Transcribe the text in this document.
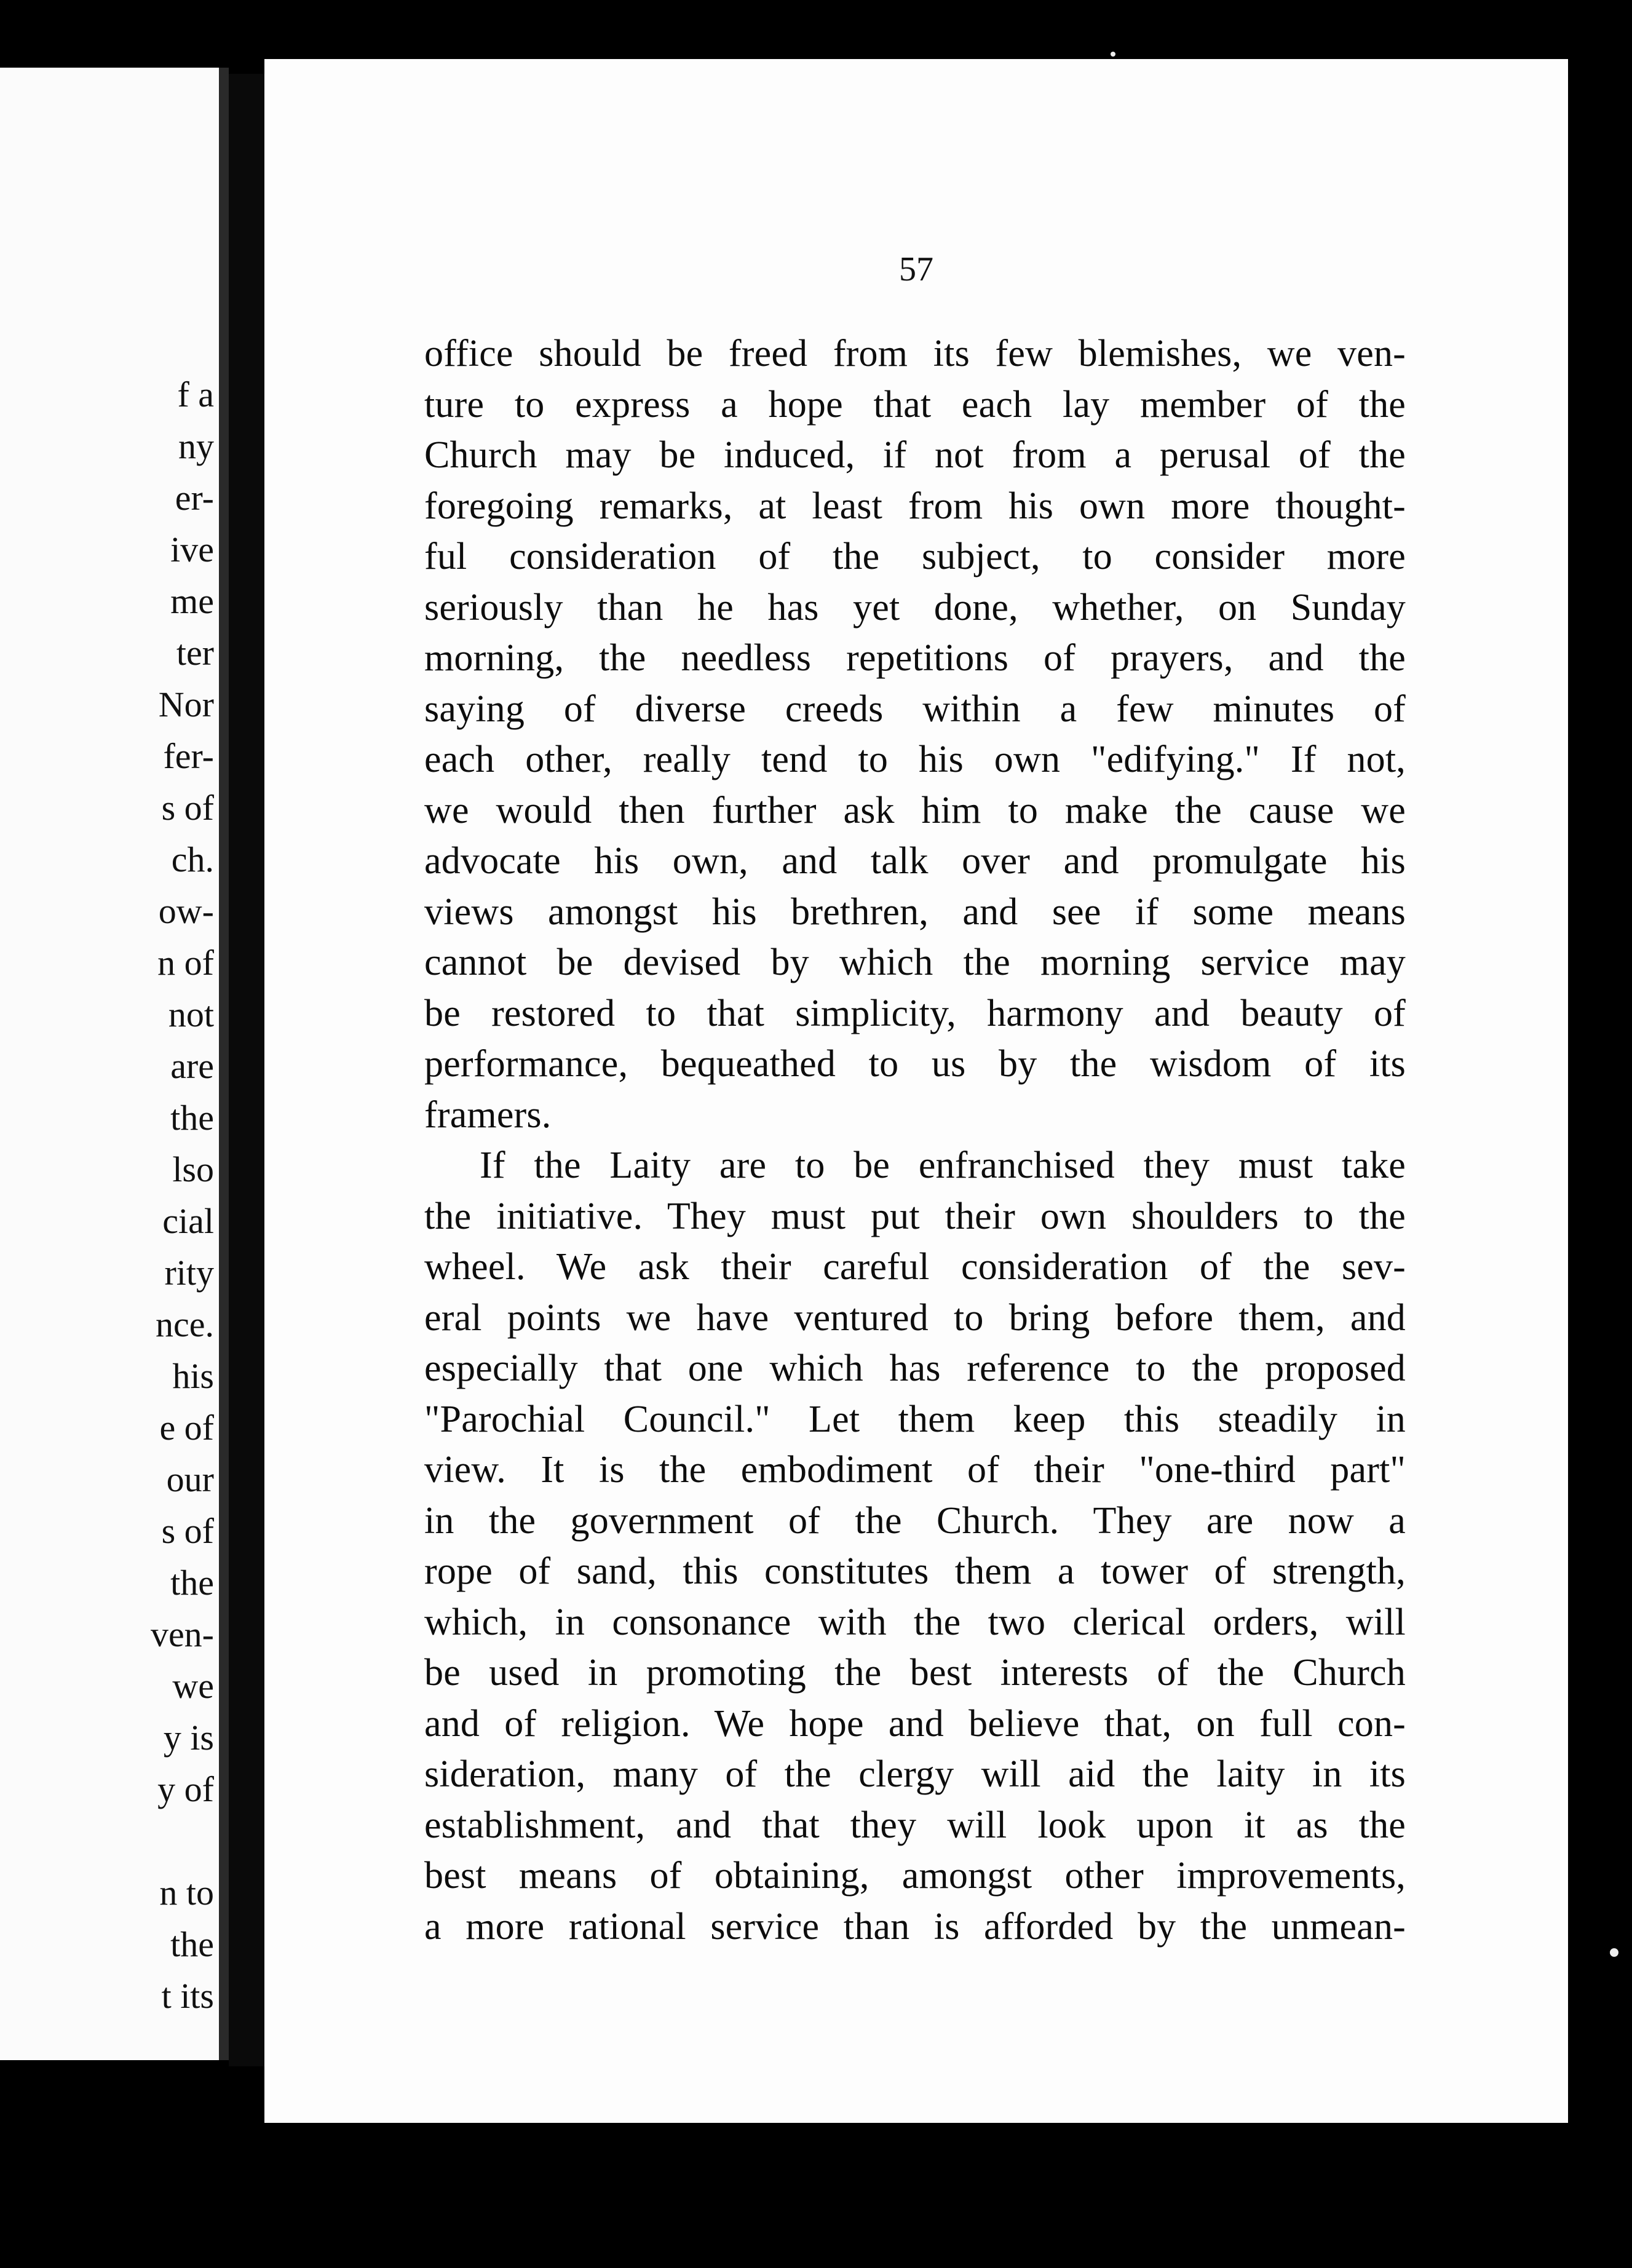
f a
ny
er-
ive
me
ter
Nor
fer-
s of
ch.
ow-
n of
not
are
the
lso
cial
rity
nce.
his
e of
our
s of
the
ven-
we
y is
y of
n to
the
t its
57
office should be freed from its few blemishes, we ven-
ture to express a hope that each lay member of the
Church may be induced, if not from a perusal of the
foregoing remarks, at least from his own more thought-
ful consideration of the subject, to consider more
seriously than he has yet done, whether, on Sunday
morning, the needless repetitions of prayers, and the
saying of diverse creeds within a few minutes of
each other, really tend to his own "edifying." If not,
we would then further ask him to make the cause we
advocate his own, and talk over and promulgate his
views amongst his brethren, and see if some means
cannot be devised by which the morning service may
be restored to that simplicity, harmony and beauty of
performance, bequeathed to us by the wisdom of its
framers.
If the Laity are to be enfranchised they must take
the initiative. They must put their own shoulders to the
wheel. We ask their careful consideration of the sev-
eral points we have ventured to bring before them, and
especially that one which has reference to the proposed
"Parochial Council." Let them keep this steadily in
view. It is the embodiment of their "one-third part"
in the government of the Church. They are now a
rope of sand, this constitutes them a tower of strength,
which, in consonance with the two clerical orders, will
be used in promoting the best interests of the Church
and of religion. We hope and believe that, on full con-
sideration, many of the clergy will aid the laity in its
establishment, and that they will look upon it as the
best means of obtaining, amongst other improvements,
a more rational service than is afforded by the unmean-
